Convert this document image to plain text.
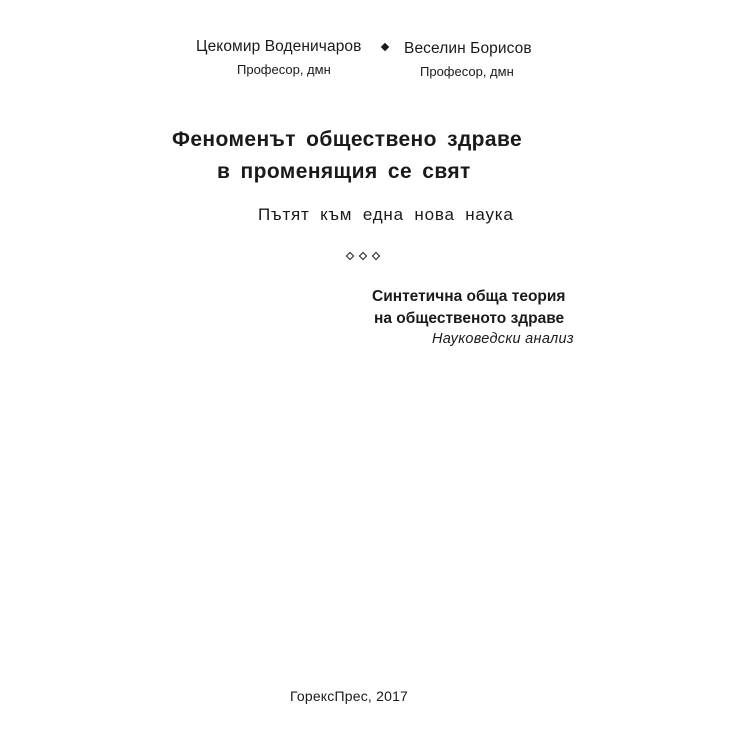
Цекомир Воденичаров
Професор, дмн
Веселин Борисов
Професор, дмн
Феноменът обществено здраве
в променящия се свят
Пътят към една нова наука
Синтетична обща теория
на общественото здраве
Науковедски анализ
ГорексПрес, 2017
